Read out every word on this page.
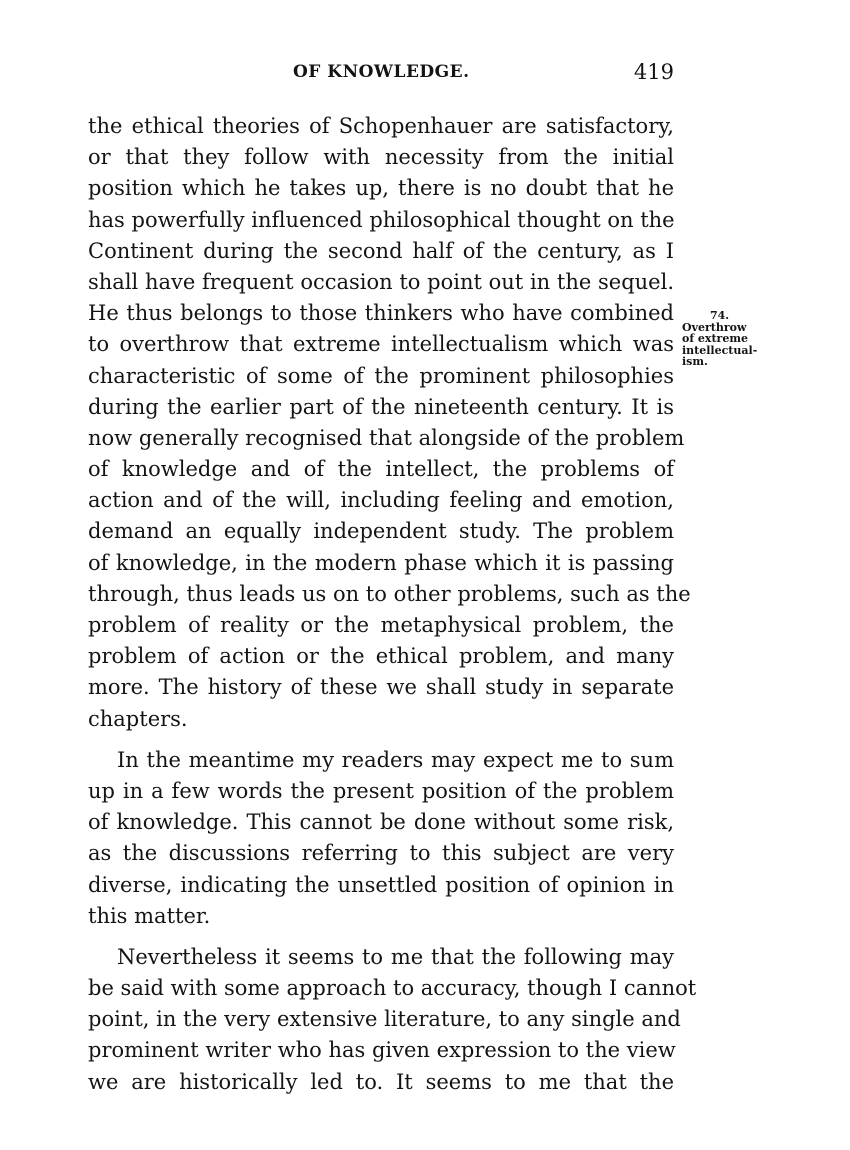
OF KNOWLEDGE.	419
74.
Overthrow
of extreme
intellectual-
ism.
the ethical theories of Schopenhauer are satisfactory,
or that they follow with necessity from the initial
position which he takes up, there is no doubt that he
has powerfully influenced philosophical thought on the
Continent during the second half of the century, as I
shall have frequent occasion to point out in the sequel.
He thus belongs to those thinkers who have combined
to overthrow that extreme intellectualism which was
characteristic of some of the prominent philosophies
during the earlier part of the nineteenth century. It is
now generally recognised that alongside of the problem
of knowledge and of the intellect, the problems of
action and of the will, including feeling and emotion,
demand an equally independent study. The problem
of knowledge, in the modern phase which it is passing
through, thus leads us on to other problems, such as the
problem of reality or the metaphysical problem, the
problem of action or the ethical problem, and many
more. The history of these we shall study in separate
chapters.
In the meantime my readers may expect me to sum
up in a few words the present position of the problem
of knowledge. This cannot be done without some risk,
as the discussions referring to this subject are very
diverse, indicating the unsettled position of opinion in
this matter.
Nevertheless it seems to me that the following may
be said with some approach to accuracy, though I cannot
point, in the very extensive literature, to any single and
prominent writer who has given expression to the view
we are historically led to. It seems to me that the
